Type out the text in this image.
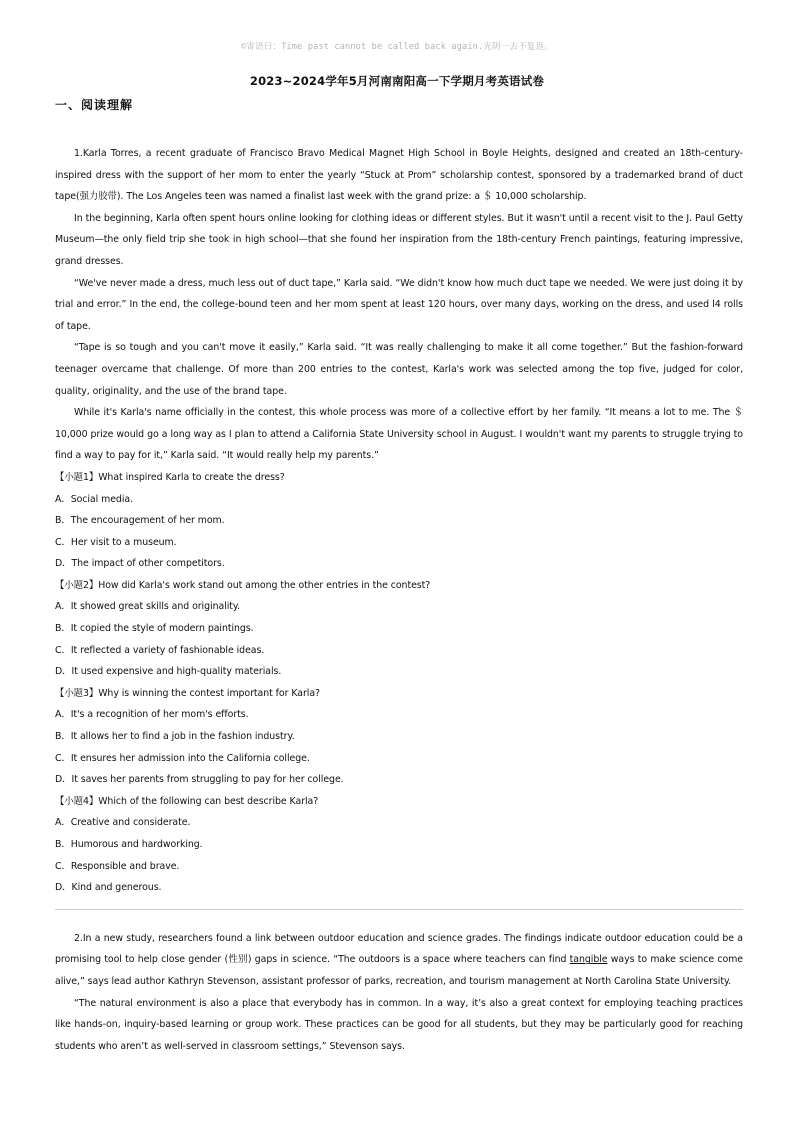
©寄语曰：Time past cannot be called back again.光阴一去不复返。
2023~2024学年5月河南南阳高一下学期月考英语试卷
一、阅读理解

1.Karla Torres, a recent graduate of Francisco Bravo Medical Magnet High School in Boyle Heights, designed and created an 18th-century-inspired dress with the support of her mom to enter the yearly “Stuck at Prom” scholarship contest, sponsored by a trademarked brand of duct tape(强力胶带). The Los Angeles teen was named a finalist last week with the grand prize: a ＄ 10,000 scholarship.

In the beginning, Karla often spent hours online looking for clothing ideas or different styles. But it wasn't until a recent visit to the J. Paul Getty Museum—the only field trip she took in high school—that she found her inspiration from the 18th-century French paintings, featuring impressive, grand dresses.

“We've never made a dress, much less out of duct tape,” Karla said. “We didn't know how much duct tape we needed. We were just doing it by trial and error.” In the end, the college-bound teen and her mom spent at least 120 hours, over many days, working on the dress, and used l4 rolls of tape.

“Tape is so tough and you can't move it easily,” Karla said. “It was really challenging to make it all come together.” But the fashion-forward teenager overcame that challenge. Of more than 200 entries to the contest, Karla's work was selected among the top five, judged for color, quality, originality, and the use of the brand tape.

While it's Karla's name officially in the contest, this whole process was more of a collective effort by her family. “It means a lot to me. The ＄ 10,000 prize would go a long way as I plan to attend a California State University school in August. I wouldn't want my parents to struggle trying to find a way to pay for it,” Karla said. “It would really help my parents.”

【小题1】What inspired Karla to create the dress?

A．Social media.

B．The encouragement of her mom.

C．Her visit to a museum.

D．The impact of other competitors.

【小题2】How did Karla's work stand out among the other entries in the contest?

A．It showed great skills and originality.

B．It copied the style of modern paintings.

C．It reflected a variety of fashionable ideas.

D．It used expensive and high-quality materials.

【小题3】Why is winning the contest important for Karla?

A．It's a recognition of her mom's efforts.

B．It allows her to find a job in the fashion industry.

C．It ensures her admission into the California college.

D．It saves her parents from struggling to pay for her college.

【小题4】Which of the following can best describe Karla?

A．Creative and considerate.

B．Humorous and hardworking.

C．Responsible and brave.

D．Kind and generous.

2.In a new study, researchers found a link between outdoor education and science grades. The findings indicate outdoor education could be a promising tool to help close gender (性别) gaps in science. “The outdoors is a space where teachers can find tangible ways to make science come alive,” says lead author Kathryn Stevenson, assistant professor of parks, recreation, and tourism management at North Carolina State University.

“The natural environment is also a place that everybody has in common. In a way, it’s also a great context for employing teaching practices like hands-on, inquiry-based learning or group work. These practices can be good for all students, but they may be particularly good for reaching students who aren’t as well-served in classroom settings,” Stevenson says.
